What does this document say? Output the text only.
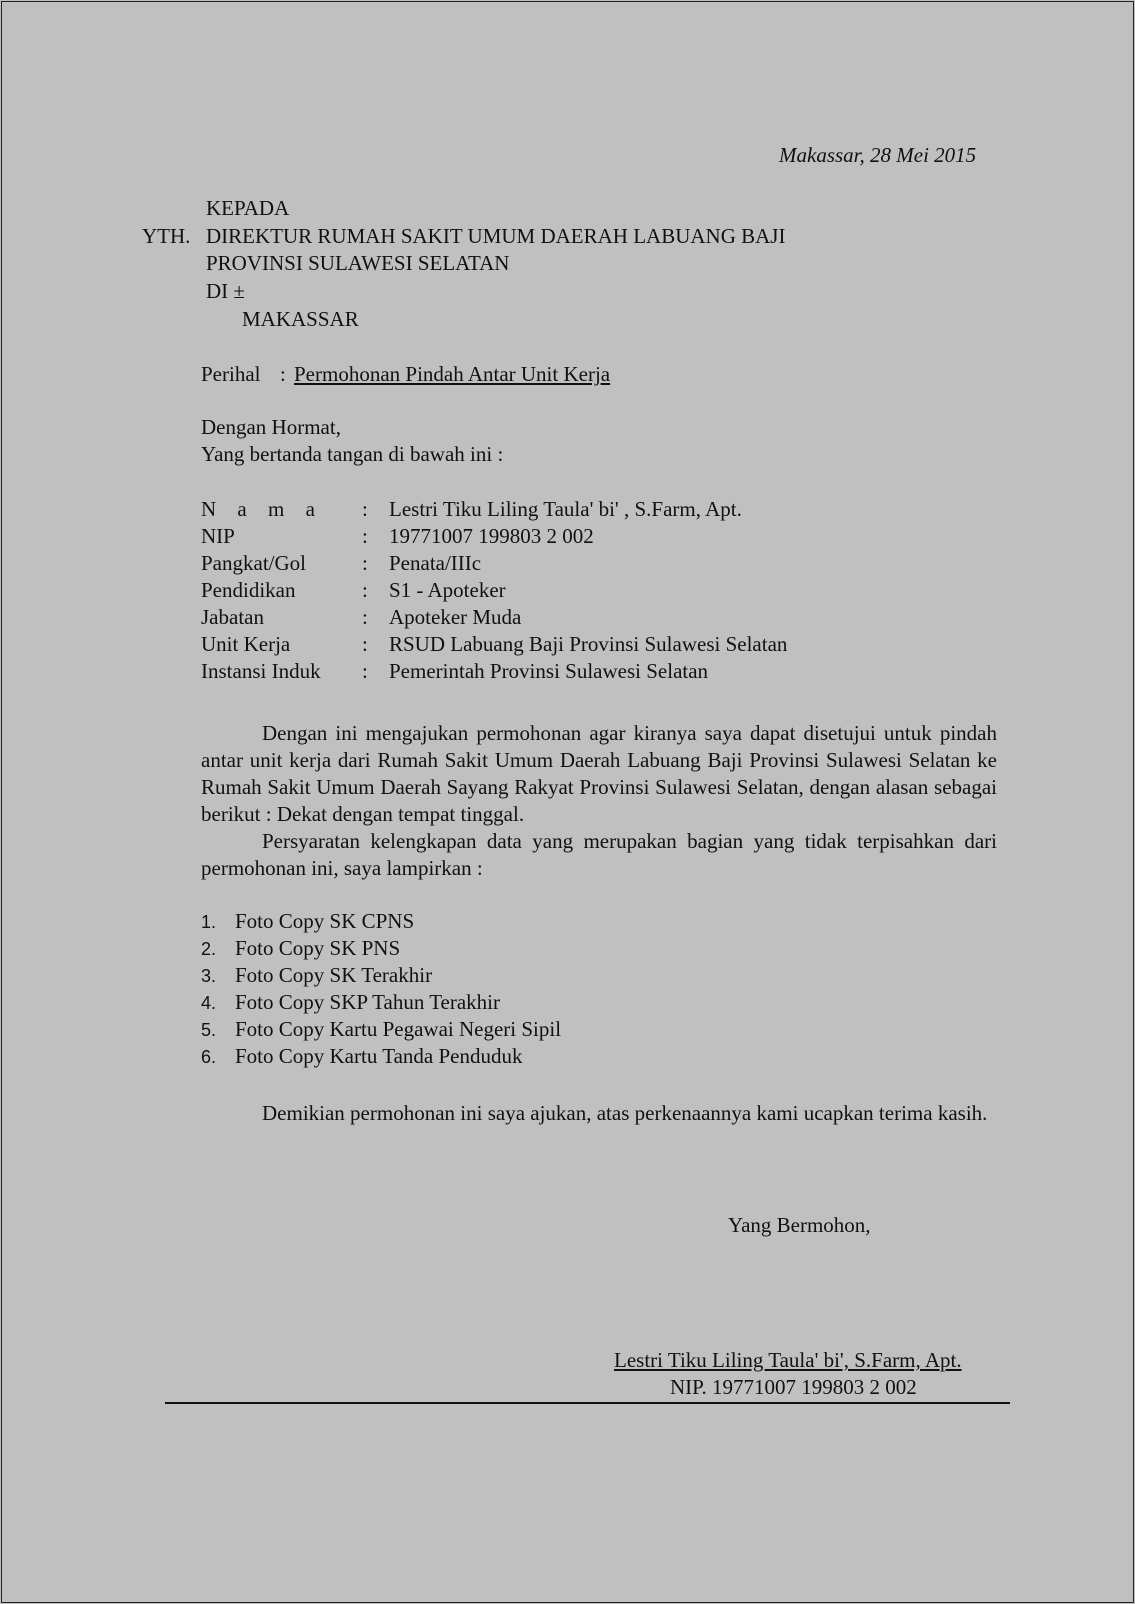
Makassar, 28 Mei 2015
KEPADA
YTH. DIREKTUR RUMAH SAKIT UMUM DAERAH LABUANG BAJI
PROVINSI SULAWESI SELATAN
DI ±
MAKASSAR
Perihal : Permohonan Pindah Antar Unit Kerja
Dengan Hormat,
Yang bertanda tangan di bawah ini :
N a m a : Lestri Tiku Liling Taula' bi' , S.Farm, Apt.
NIP	: 19771007 199803 2 002
Pangkat/Gol	: Penata/IIIc
Pendidikan	: S1 - Apoteker
Jabatan	: Apoteker Muda
Unit Kerja	: RSUD Labuang Baji Provinsi Sulawesi Selatan
Instansi Induk : Pemerintah Provinsi Sulawesi Selatan
Dengan ini mengajukan permohonan agar kiranya saya dapat disetujui untuk pindah antar unit kerja dari Rumah Sakit Umum Daerah Labuang Baji Provinsi Sulawesi Selatan ke Rumah Sakit Umum Daerah Sayang Rakyat Provinsi Sulawesi Selatan, dengan alasan sebagai berikut : Dekat dengan tempat tinggal.
Persyaratan kelengkapan data yang merupakan bagian yang tidak terpisahkan dari permohonan ini, saya lampirkan :
1. Foto Copy SK CPNS
2. Foto Copy SK PNS
3. Foto Copy SK Terakhir
4. Foto Copy SKP Tahun Terakhir
5. Foto Copy Kartu Pegawai Negeri Sipil
6. Foto Copy Kartu Tanda Penduduk
Demikian permohonan ini saya ajukan, atas perkenaannya kami ucapkan terima kasih.
Yang Bermohon,
Lestri Tiku Liling Taula' bi', S.Farm, Apt.
NIP. 19771007 199803 2 002
